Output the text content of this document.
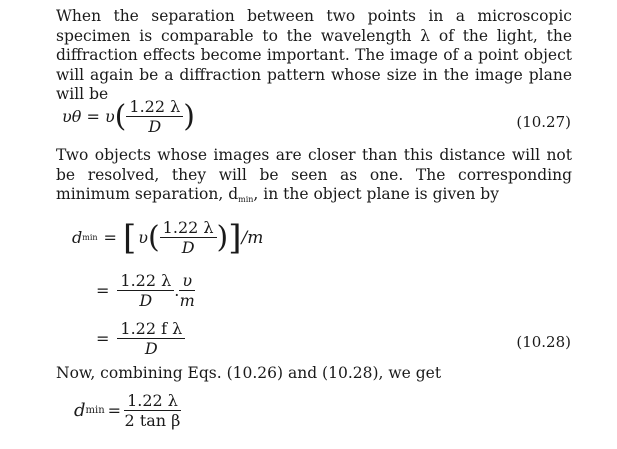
When the separation between two points in a microscopic specimen is comparable to the wavelength λ of the light, the diffraction effects become important. The image of a point object will again be a diffraction pattern whose size in the image plane will be
υθ = υ ( $\frac{1.22 \lambda}{D}$ )	(10.27)
Two objects whose images are closer than this distance will not be resolved, they will be seen as one. The corresponding minimum separation, $d_{min}$, in the object plane is given by
d min = [ υ ( $\frac{1.22 \lambda}{D}$ ) ] /m
= $\frac{1.22 \lambda}{D}$ . $\frac{\upsilon}{m}$
= $\frac{\text{1.22 f λ}}{D}$	(10.28)
Now, combining Eqs. (10.26) and (10.28), we get
d $\min = \frac{1.22 \lambda}{\text{2 tan β}}$
